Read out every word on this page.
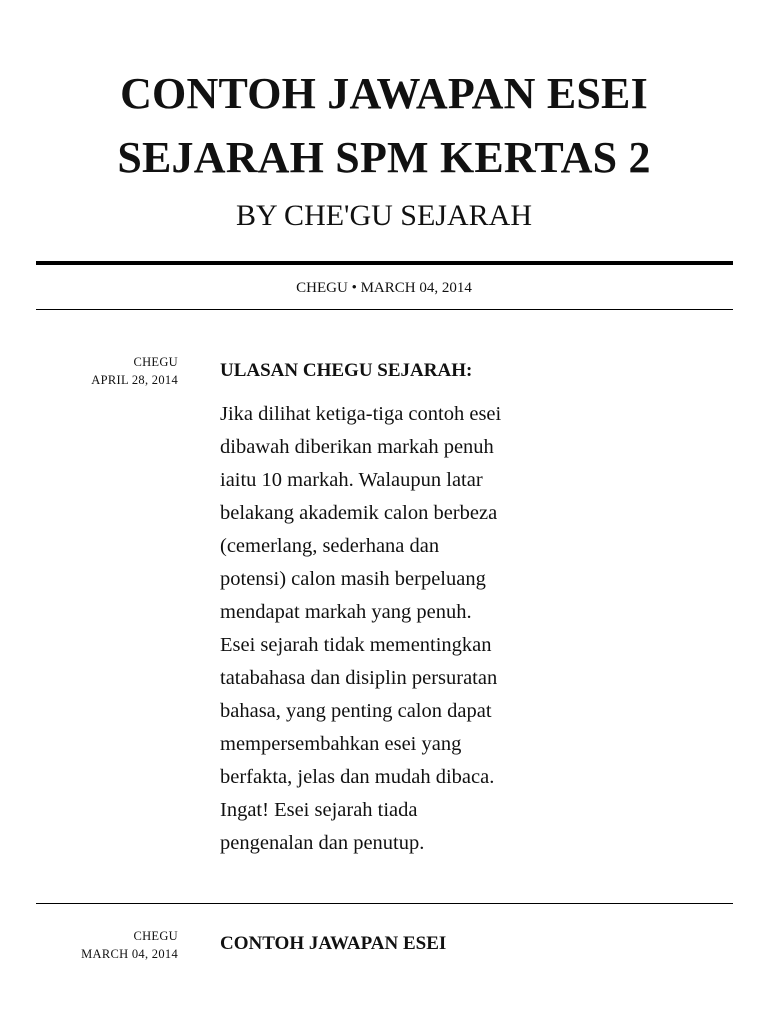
CONTOH JAWAPAN ESEI
SEJARAH SPM KERTAS 2
BY CHE'GU SEJARAH
CHEGU • MARCH 04, 2014
CHEGU
APRIL 28, 2014 ULASAN CHEGU SEJARAH:
Jika dilihat ketiga-tiga contoh esei
dibawah diberikan markah penuh
iaitu 10 markah. Walaupun latar
belakang akademik calon berbeza
(cemerlang, sederhana dan
potensi) calon masih berpeluang
mendapat markah yang penuh.
Esei sejarah tidak mementingkan
tatabahasa dan disiplin persuratan
bahasa, yang penting calon dapat
mempersembahkan esei yang
berfakta, jelas dan mudah dibaca.
Ingat! Esei sejarah tiada
pengenalan dan penutup.
CHEGU
MARCH 04, 2014 CONTOH JAWAPAN ESEI
